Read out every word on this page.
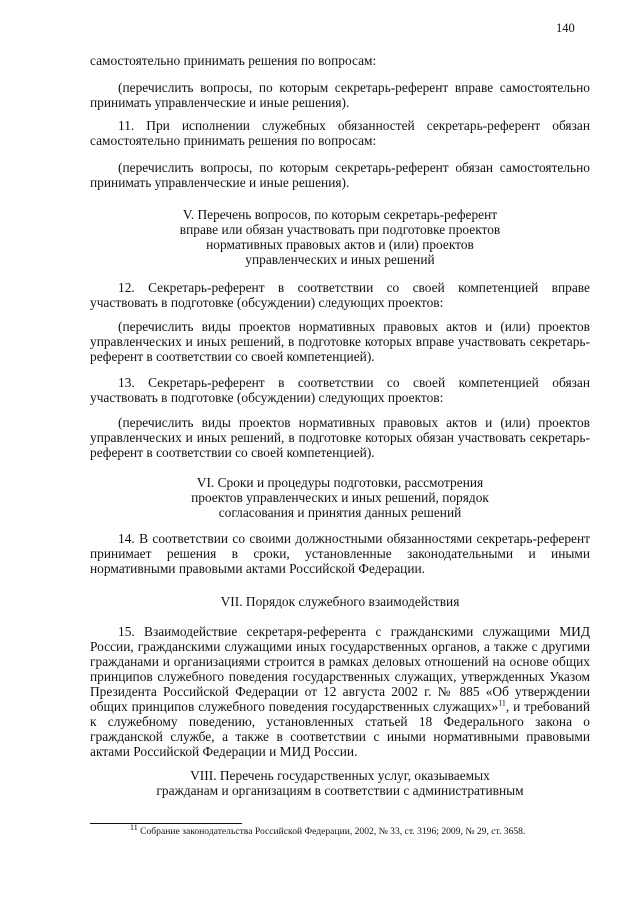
140

самостоятельно принимать решения по вопросам:

(перечислить вопросы, по которым секретарь-референт вправе самостоятельно принимать управленческие и иные решения).

11. При исполнении служебных обязанностей секретарь-референт обязан самостоятельно принимать решения по вопросам:

(перечислить вопросы, по которым секретарь-референт обязан самостоятельно принимать управленческие и иные решения).

V. Перечень вопросов, по которым секретарь-референт
вправе или обязан участвовать при подготовке проектов
нормативных правовых актов и (или) проектов
управленческих и иных решений

12. Секретарь-референт в соответствии со своей компетенцией вправе участвовать в подготовке (обсуждении) следующих проектов:

(перечислить виды проектов нормативных правовых актов и (или) проектов управленческих и иных решений, в подготовке которых вправе участвовать секретарь-референт в соответствии со своей компетенцией).

13. Секретарь-референт в соответствии со своей компетенцией обязан участвовать в подготовке (обсуждении) следующих проектов:

(перечислить виды проектов нормативных правовых актов и (или) проектов управленческих и иных решений, в подготовке которых обязан участвовать секретарь-референт в соответствии со своей компетенцией).

VI. Сроки и процедуры подготовки, рассмотрения
проектов управленческих и иных решений, порядок
согласования и принятия данных решений

14. В соответствии со своими должностными обязанностями секретарь-референт принимает решения в сроки, установленные законодательными и иными нормативными правовыми актами Российской Федерации.

VII. Порядок служебного взаимодействия

15. Взаимодействие секретаря-референта с гражданскими служащими МИД России, гражданскими служащими иных государственных органов, а также с другими гражданами и организациями строится в рамках деловых отношений на основе общих принципов служебного поведения государственных служащих, утвержденных Указом Президента Российской Федерации от 12 августа 2002 г. № 885 «Об утверждении общих принципов служебного поведения государственных служащих»$^{11}$, и требований к служебному поведению, установленных статьей 18 Федерального закона о гражданской службе, а также в соответствии с иными нормативными правовыми актами Российской Федерации и МИД России.

VIII. Перечень государственных услуг, оказываемых
гражданам и организациям в соответствии с административным
$^{11}$ Собрание законодательства Российской Федерации, 2002, № 33, ст. 3196; 2009, № 29, ст. 3658.
